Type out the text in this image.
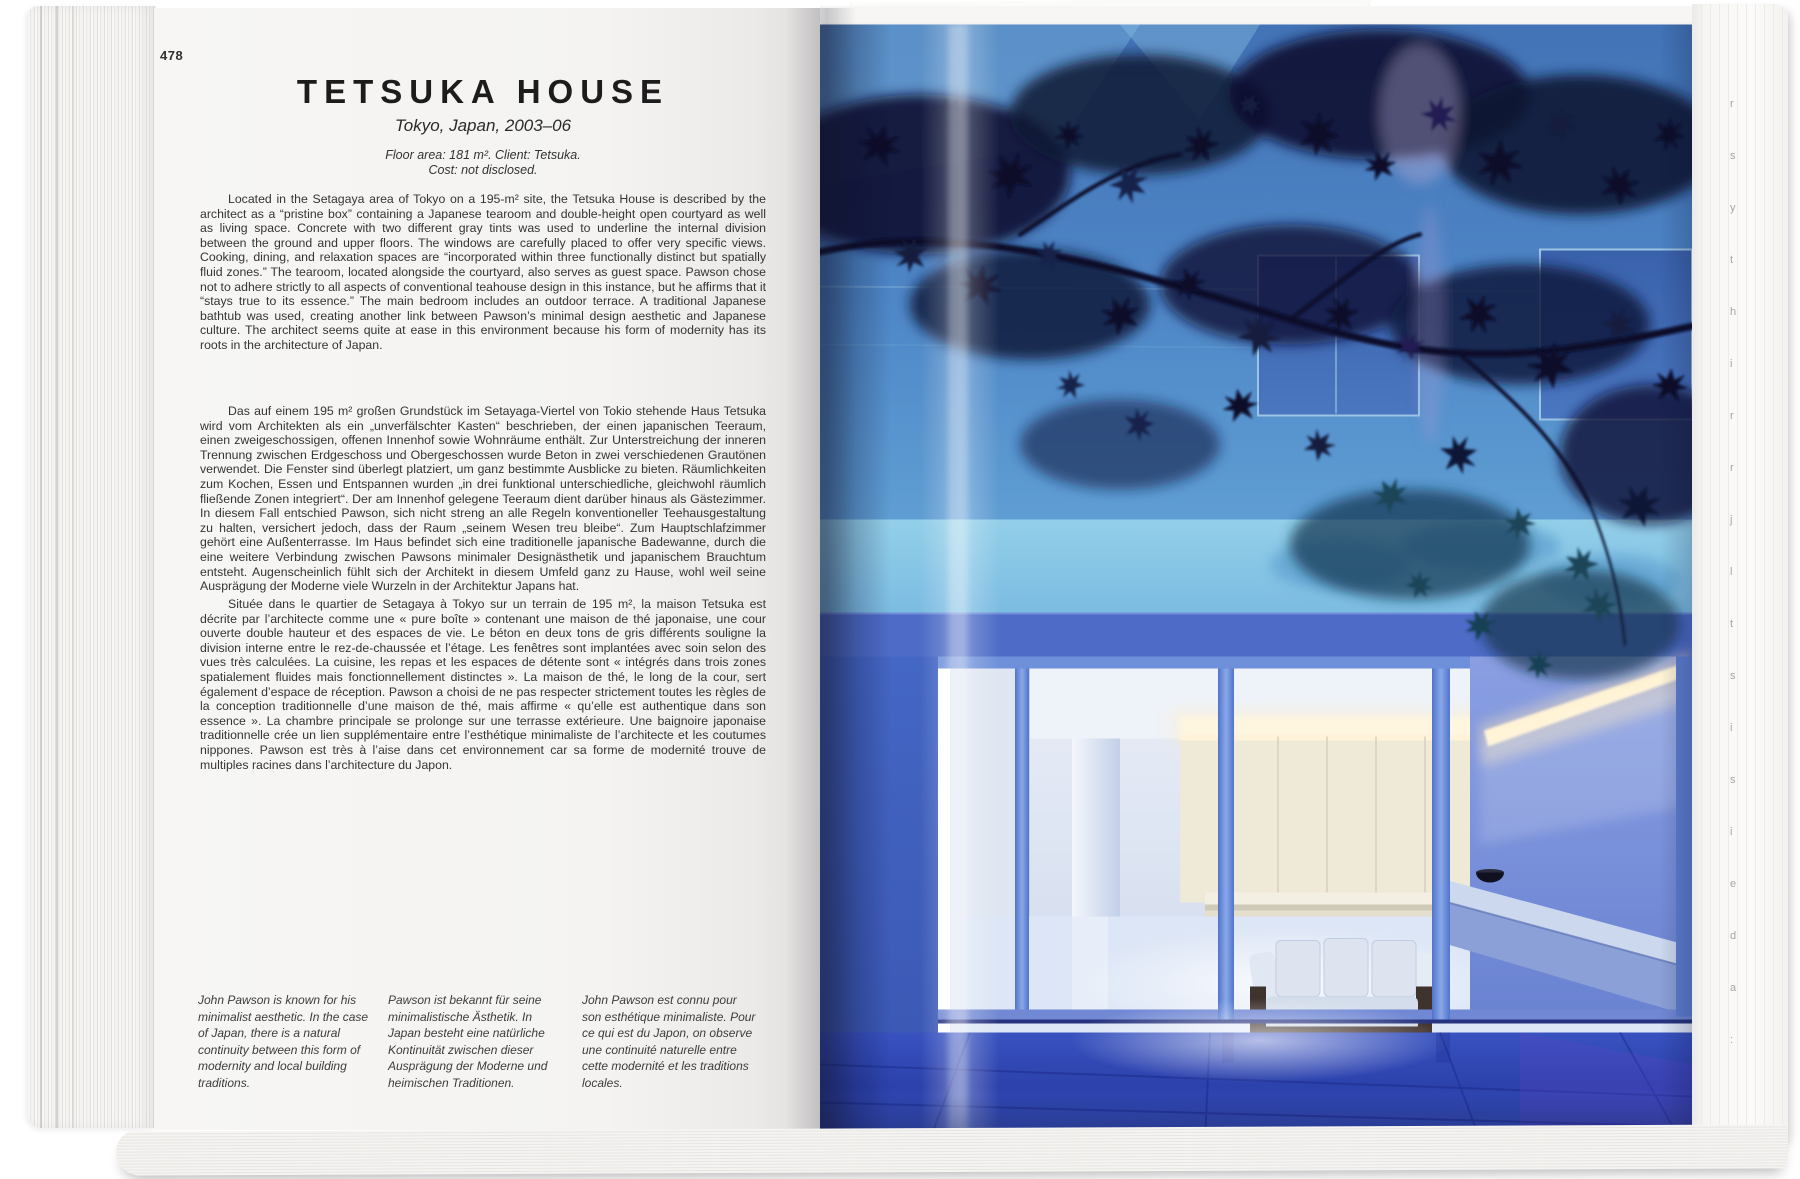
478
TETSUKA HOUSE
Tokyo, Japan, 2003–06
Floor area: 181 m². Client: Tetsuka.
Cost: not disclosed.
Located in the Setagaya area of Tokyo on a 195-m² site, the Tetsuka House is described by the architect as a “pristine box” containing a Japanese tearoom and double-height open courtyard as well as living space. Concrete with two different gray tints was used to underline the internal division between the ground and upper floors. The windows are carefully placed to offer very specific views. Cooking, dining, and relaxation spaces are “incorporated within three functionally distinct but spatially fluid zones.” The tearoom, located alongside the courtyard, also serves as guest space. Pawson chose not to adhere strictly to all aspects of conventional teahouse design in this instance, but he affirms that it “stays true to its essence.” The main bedroom includes an outdoor terrace. A traditional Japanese bathtub was used, creating another link between Pawson’s minimal design aesthetic and Japanese culture. The architect seems quite at ease in this environment because his form of modernity has its roots in the architecture of Japan.
Das auf einem 195 m² großen Grundstück im Setayaga-Viertel von Tokio stehende Haus Tetsuka wird vom Architekten als ein „unverfälschter Kasten“ beschrieben, der einen japanischen Teeraum, einen zweigeschossigen, offenen Innenhof sowie Wohnräume enthält. Zur Unterstreichung der inneren Trennung zwischen Erdgeschoss und Obergeschossen wurde Beton in zwei verschiedenen Grautönen verwendet. Die Fenster sind überlegt platziert, um ganz bestimmte Ausblicke zu bieten. Räumlichkeiten zum Kochen, Essen und Entspannen wurden „in drei funktional unterschiedliche, gleichwohl räumlich fließende Zonen integriert“. Der am Innenhof gelegene Teeraum dient darüber hinaus als Gästezimmer. In diesem Fall entschied Pawson, sich nicht streng an alle Regeln konventioneller Teehausgestaltung zu halten, versichert jedoch, dass der Raum „seinem Wesen treu bleibe“. Zum Hauptschlafzimmer gehört eine Außenterrasse. Im Haus befindet sich eine traditionelle japanische Badewanne, durch die eine weitere Verbindung zwischen Pawsons minimaler Designästhetik und japanischem Brauchtum entsteht. Augenscheinlich fühlt sich der Architekt in diesem Umfeld ganz zu Hause, wohl weil seine Ausprägung der Moderne viele Wurzeln in der Architektur Japans hat.
Située dans le quartier de Setagaya à Tokyo sur un terrain de 195 m², la maison Tetsuka est décrite par l’architecte comme une « pure boîte » contenant une maison de thé japonaise, une cour ouverte double hauteur et des espaces de vie. Le béton en deux tons de gris différents souligne la division interne entre le rez-de-chaussée et l’étage. Les fenêtres sont implantées avec soin selon des vues très calculées. La cuisine, les repas et les espaces de détente sont « intégrés dans trois zones spatialement fluides mais fonctionnellement distinctes ». La maison de thé, le long de la cour, sert également d’espace de réception. Pawson a choisi de ne pas respecter strictement toutes les règles de la conception traditionnelle d’une maison de thé, mais affirme « qu’elle est authentique dans son essence ». La chambre principale se prolonge sur une terrasse extérieure. Une baignoire japonaise traditionnelle crée un lien supplémentaire entre l’esthétique minimaliste de l’architecte et les coutumes nippones. Pawson est très à l’aise dans cet environnement car sa forme de modernité trouve de multiples racines dans l’architecture du Japon.
John Pawson is known for his minimalist aesthetic. In the case of Japan, there is a natural continuity between this form of modernity and local building traditions.
Pawson ist bekannt für seine minimalistische Ästhetik. In Japan besteht eine natürliche Kontinuität zwischen dieser Ausprägung der Moderne und heimischen Traditionen.
John Pawson est connu pour son esthétique minimaliste. Pour ce qui est du Japon, on observe une continuité naturelle entre cette modernité et les traditions locales.
r
s
y
t
h
i
r
r
j
l
t
s
i
s
i
e
d
a
:
